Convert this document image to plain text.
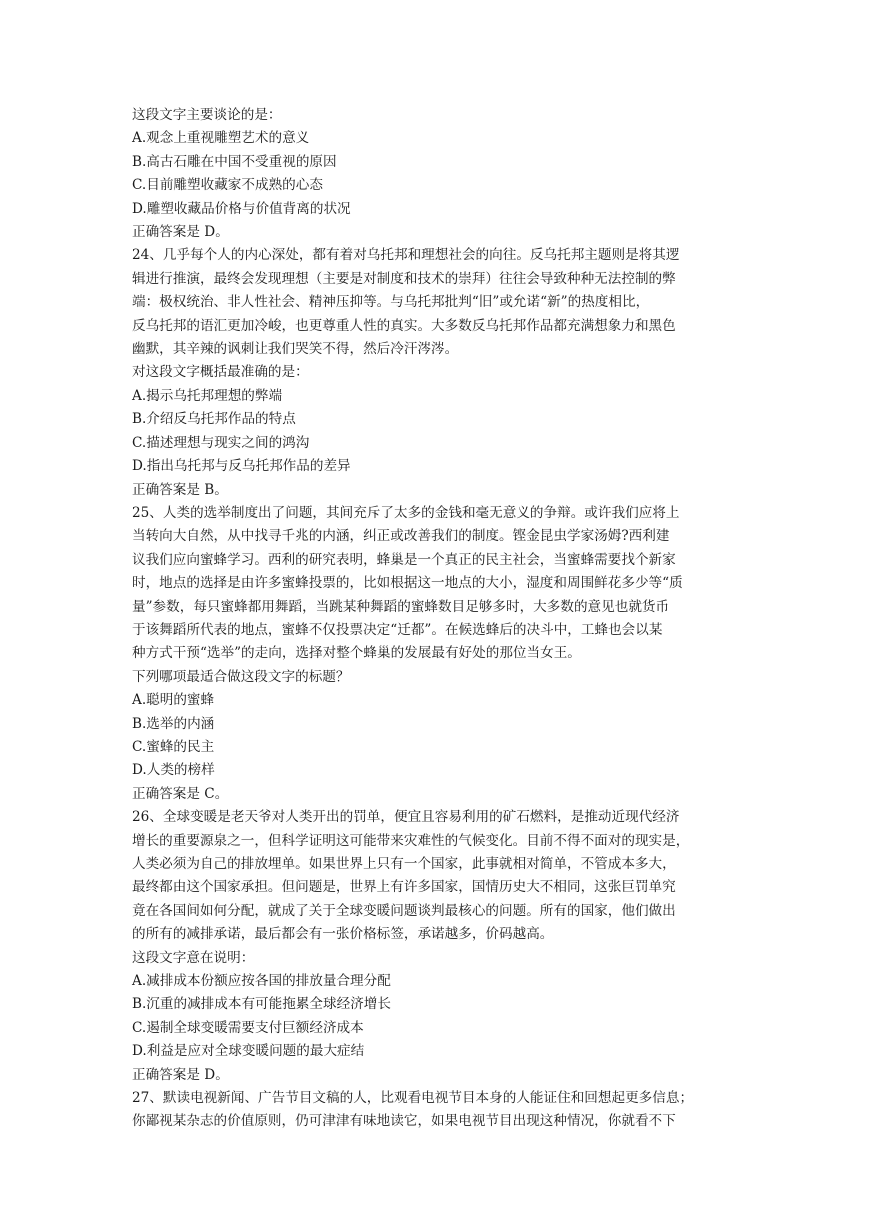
这段文字主要谈论的是：
A.观念上重视雕塑艺术的意义
B.高古石雕在中国不受重视的原因
C.目前雕塑收藏家不成熟的心态
D.雕塑收藏品价格与价值背离的状况
正确答案是 D。
24、几乎每个人的内心深处，都有着对乌托邦和理想社会的向往。反乌托邦主题则是将其逻
辑进行推演，最终会发现理想（主要是对制度和技术的崇拜）往往会导致种种无法控制的弊
端：极权统治、非人性社会、精神压抑等。与乌托邦批判“旧”或允诺“新”的热度相比，
反乌托邦的语汇更加冷峻，也更尊重人性的真实。大多数反乌托邦作品都充满想象力和黑色
幽默，其辛辣的讽刺让我们哭笑不得，然后冷汗涔涔。
对这段文字概括最准确的是：
A.揭示乌托邦理想的弊端
B.介绍反乌托邦作品的特点
C.描述理想与现实之间的鸿沟
D.指出乌托邦与反乌托邦作品的差异
正确答案是 B。
25、人类的选举制度出了问题，其间充斥了太多的金钱和毫无意义的争辩。或许我们应将上
当转向大自然，从中找寻千兆的内涵，纠正或改善我们的制度。铿金昆虫学家汤姆?西利建
议我们应向蜜蜂学习。西利的研究表明，蜂巢是一个真正的民主社会，当蜜蜂需要找个新家
时，地点的选择是由许多蜜蜂投票的，比如根据这一地点的大小，湿度和周围鲜花多少等“质
量”参数，每只蜜蜂都用舞蹈，当跳某种舞蹈的蜜蜂数目足够多时，大多数的意见也就货币
于该舞蹈所代表的地点，蜜蜂不仅投票决定“迁都”。在候选蜂后的决斗中，工蜂也会以某
种方式干预“选举”的走向，选择对整个蜂巢的发展最有好处的那位当女王。
下列哪项最适合做这段文字的标题？
A.聪明的蜜蜂
B.选举的内涵
C.蜜蜂的民主
D.人类的榜样
正确答案是 C。
26、全球变暖是老天爷对人类开出的罚单，便宜且容易利用的矿石燃料，是推动近现代经济
增长的重要源泉之一，但科学证明这可能带来灾难性的气候变化。目前不得不面对的现实是，
人类必须为自己的排放埋单。如果世界上只有一个国家，此事就相对简单，不管成本多大，
最终都由这个国家承担。但问题是，世界上有许多国家，国情历史大不相同，这张巨罚单究
竟在各国间如何分配，就成了关于全球变暖问题谈判最核心的问题。所有的国家，他们做出
的所有的减排承诺，最后都会有一张价格标签，承诺越多，价码越高。
这段文字意在说明：
A.减排成本份额应按各国的排放量合理分配
B.沉重的减排成本有可能拖累全球经济增长
C.遏制全球变暖需要支付巨额经济成本
D.利益是应对全球变暖问题的最大症结
正确答案是 D。
27、默读电视新闻、广告节目文稿的人，比观看电视节目本身的人能证住和回想起更多信息；
你鄙视某杂志的价值原则，仍可津津有味地读它，如果电视节目出现这种情况，你就看不下
